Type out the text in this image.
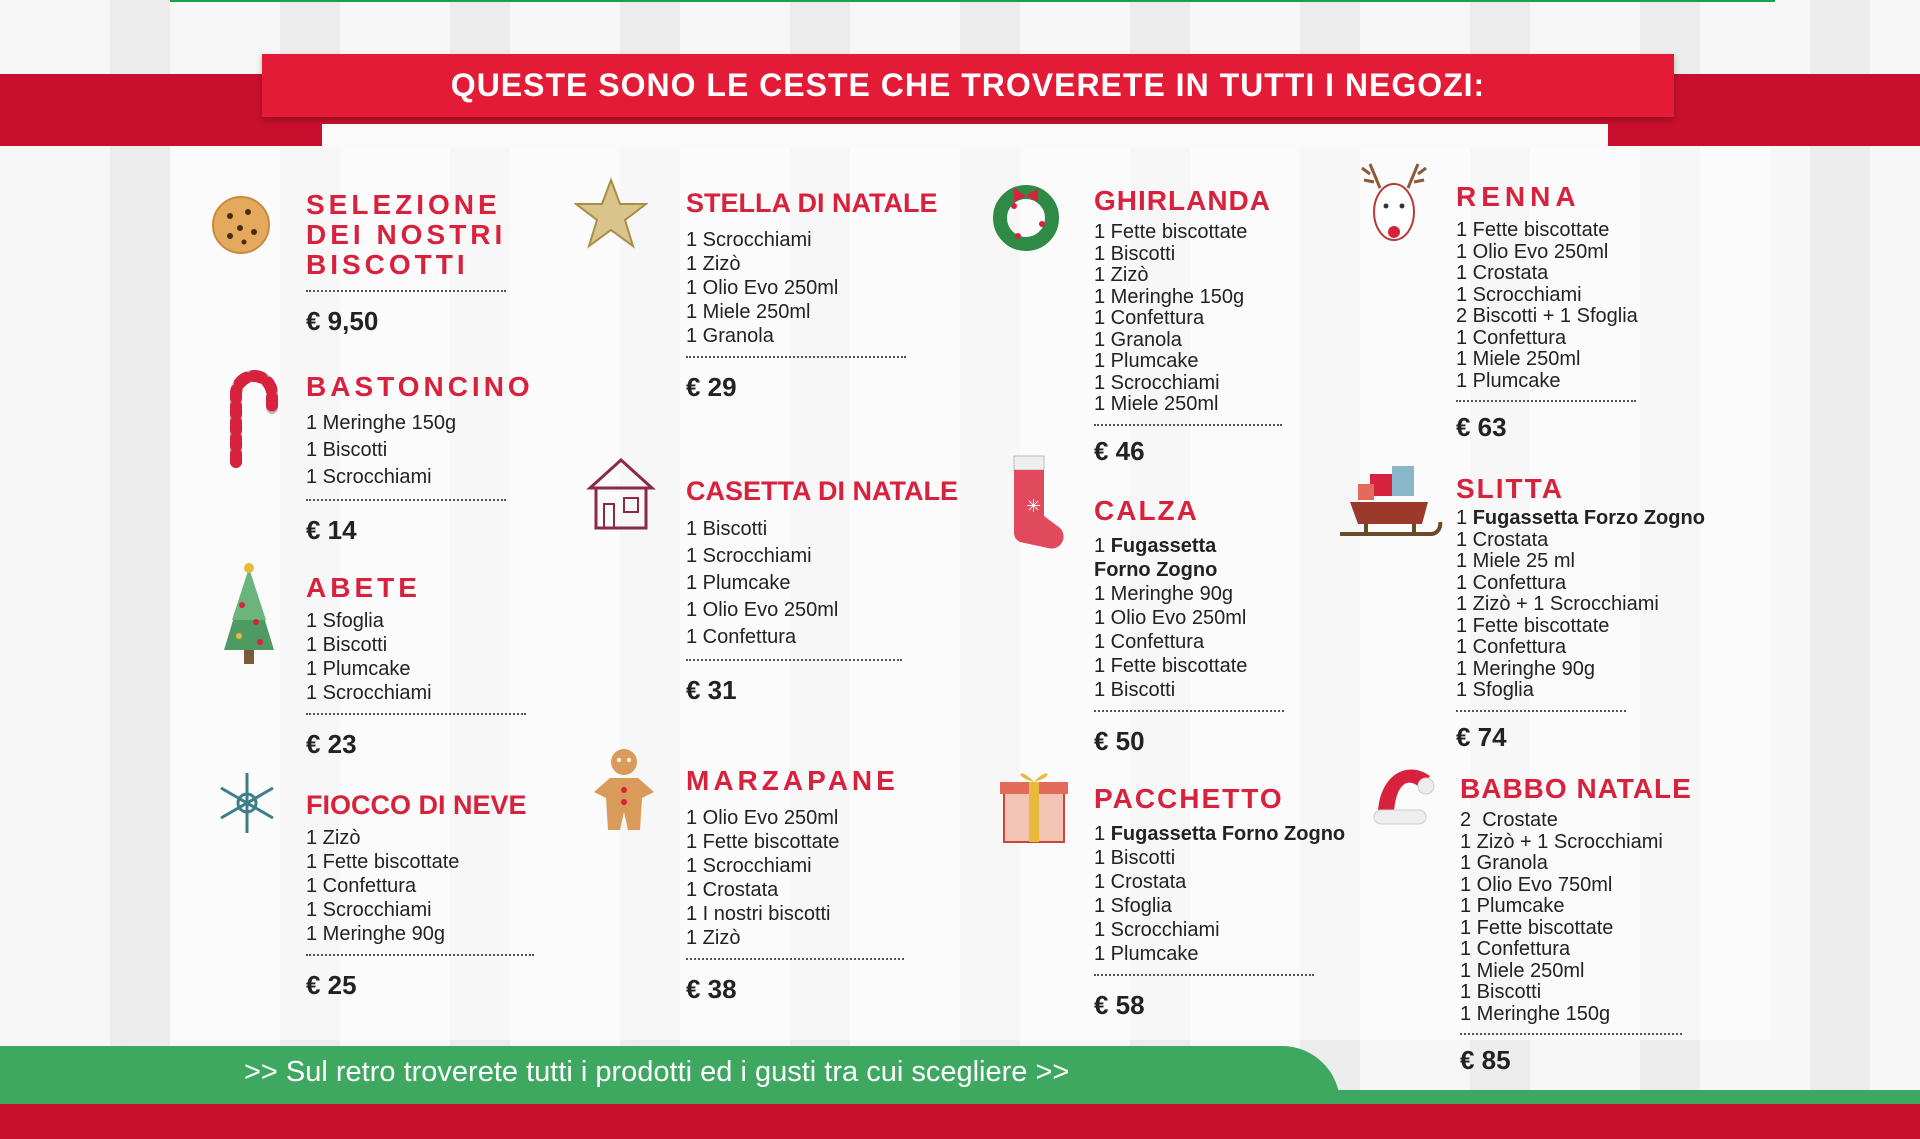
QUESTE SONO LE CESTE CHE TROVERETE IN TUTTI I NEGOZI:
SELEZIONE DEI NOSTRI BISCOTTI
€ 9,50
BASTONCINO
1 Meringhe 150g
1 Biscotti
1 Scrocchiami
€ 14
ABETE
1 Sfoglia
1 Biscotti
1 Plumcake
1 Scrocchiami
€ 23
FIOCCO DI NEVE
1 Zizò
1 Fette biscottate
1 Confettura
1 Scrocchiami
1 Meringhe 90g
€ 25
STELLA DI NATALE
1 Scrocchiami
1 Zizò
1 Olio Evo 250ml
1 Miele 250ml
1 Granola
€ 29
CASETTA DI NATALE
1 Biscotti
1 Scrocchiami
1 Plumcake
1 Olio Evo 250ml
1 Confettura
€ 31
MARZAPANE
1 Olio Evo 250ml
1 Fette biscottate
1 Scrocchiami
1 Crostata
1 I nostri biscotti
1 Zizò
€ 38
GHIRLANDA
1 Fette biscottate
1 Biscotti
1 Zizò
1 Meringhe 150g
1 Confettura
1 Granola
1 Plumcake
1 Scrocchiami
1 Miele 250ml
€ 46
✳ CALZA
1 Fugassetta
Forno Zogno
1 Meringhe 90g
1 Olio Evo 250ml
1 Confettura
1 Fette biscottate
1 Biscotti
€ 50
PACCHETTO
1 Fugassetta Forno Zogno
1 Biscotti
1 Crostata
1 Sfoglia
1 Scrocchiami
1 Plumcake
€ 58
RENNA
1 Fette biscottate
1 Olio Evo 250ml
1 Crostata
1 Scrocchiami
2 Biscotti + 1 Sfoglia
1 Confettura
1 Miele 250ml
1 Plumcake
€ 63
SLITTA
1 Fugassetta Forzo Zogno
1 Crostata
1 Miele 25 ml
1 Confettura
1 Zizò + 1 Scrocchiami
1 Fette biscottate
1 Confettura
1 Meringhe 90g
1 Sfoglia
€ 74
BABBO NATALE
2  Crostate
1 Zizò + 1 Scrocchiami
1 Granola
1 Olio Evo 750ml
1 Plumcake
1 Fette biscottate
1 Confettura
1 Miele 250ml
1 Biscotti
1 Meringhe 150g
€ 85
>> Sul retro troverete tutti i prodotti ed i gusti tra cui scegliere >>
